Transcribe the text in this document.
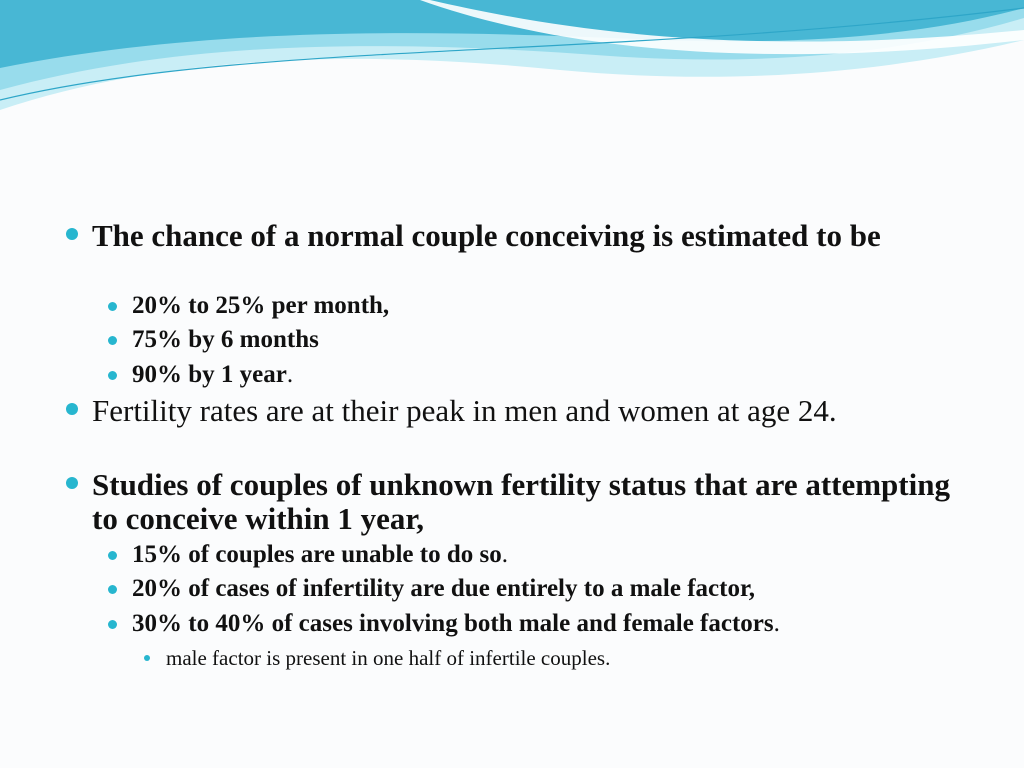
The chance of a normal couple conceiving is estimated to be
20% to 25% per month,
75% by 6 months
90% by 1 year.
Fertility rates are at their peak in men and women at age 24.
Studies of couples of unknown fertility status that are attempting to conceive within 1 year,
15% of couples are unable to do so.
20% of cases of infertility are due entirely to a male factor,
30% to 40% of cases involving both male and female factors.
male factor is present in one half of infertile couples.
